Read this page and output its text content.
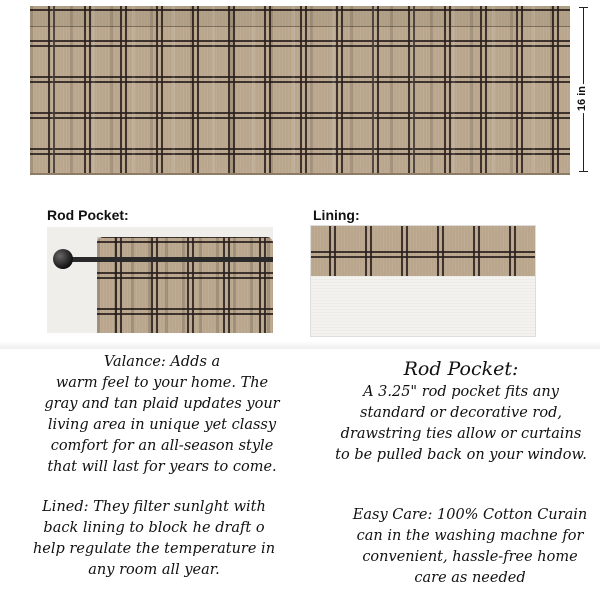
16 in
Rod Pocket:	Lining:
Valance: Adds a
warm feel to your home. The
gray and tan plaid updates your
living area in unique yet classy
comfort for an all-season style
that will last for years to come.
Lined: They filter sunlght with
back lining to block he draft o
help regulate the temperature in
any room all year.
Rod Pocket:
A 3.25" rod pocket fits any
standard or decorative rod,
drawstring ties allow or curtains
to be pulled back on your window.
Easy Care: 100% Cotton Curain
can in the washing machne for
convenient, hassle-free home
care as needed
